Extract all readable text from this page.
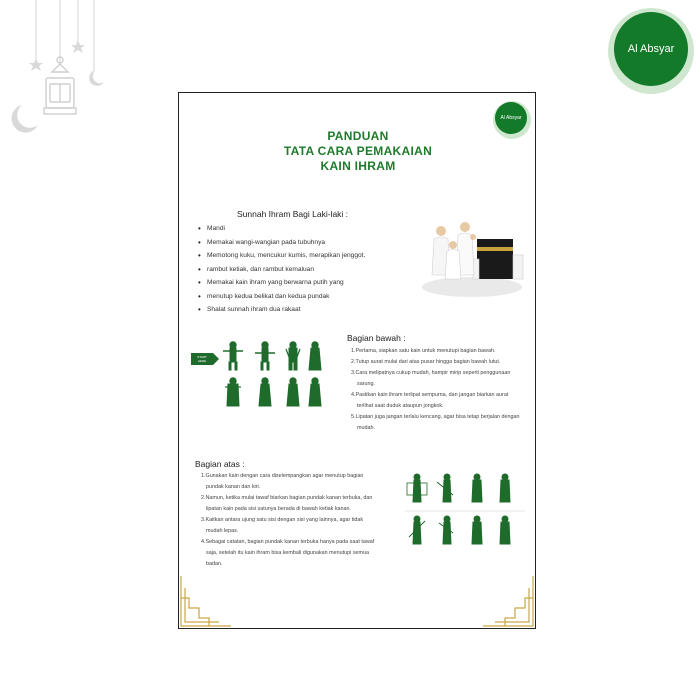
Al Absyar
Al Absyar
PANDUAN
TATA CARA PEMAKAIAN
KAIN IHRAM
Sunnah Ihram Bagi Laki-laki :
• Mandi
• Memakai wangi-wangian pada tubuhnya
• Memotong kuku, mencukur kumis, merapikan jenggot,
• rambut ketiak, dan rambut kemaluan
• Memakai kain ihram yang berwarna putih yang
• menutup kedua belikat dan kedua pundak
• Shalat sunnah ihram dua rakaat
START
HERE
Bagian bawah :
1.Pertama, siapkan satu kain untuk menutupi bagian bawah.
2.Tutup aurat mulai dari atas pusar hingga bagian bawah lutut.
3.Cara melipatnya cukup mudah, hampir mirip seperti penggunaan
sarung.
4.Pastikan kain ihram terlipat sempurna, dan jangan biarkan aurat
terlihat saat duduk ataupun jongkok.
5.Lipatan juga jangan terlalu kencang, agar bisa tetap berjalan dengan
mudah.
Bagian atas :
1.Gunakan kain dengan cara diselempangkan agar menutup bagian
pundak kanan dan kiri.
2.Namun, ketika mulai tawaf biarkan bagian pundak kanan terbuka, dan
lipatan kain pada sisi satunya berada di bawah ketiak kanan.
3.Kaitkan antara ujung satu sisi dengan sisi yang lainnya, agar tidak
mudah lepas.
4.Sebagai catatan, bagian pundak kanan terbuka hanya pada saat tawaf
saja, setelah itu kain ihram bisa kembali digunakan menutupi semua
badan.
